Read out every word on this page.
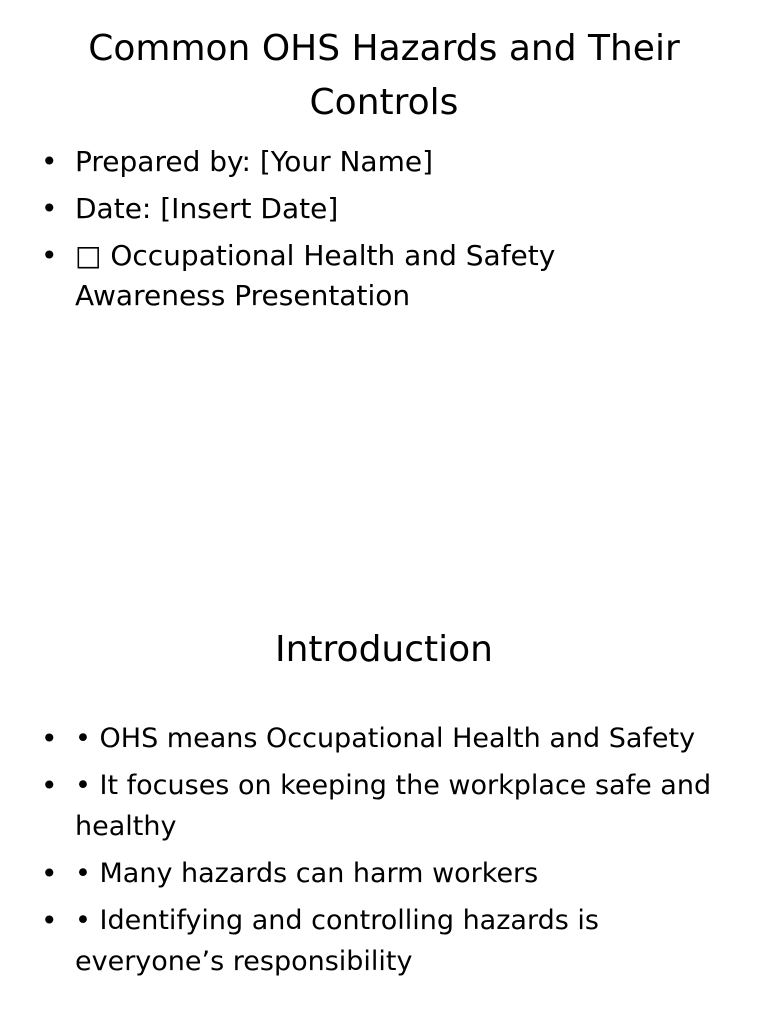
Common OHS Hazards and Their Controls
• Prepared by: [Your Name]
• Date: [Insert Date]
• □ Occupational Health and Safety Awareness Presentation
Introduction
• • OHS means Occupational Health and Safety
• • It focuses on keeping the workplace safe and healthy
• • Many hazards can harm workers
• • Identifying and controlling hazards is everyone’s responsibility
